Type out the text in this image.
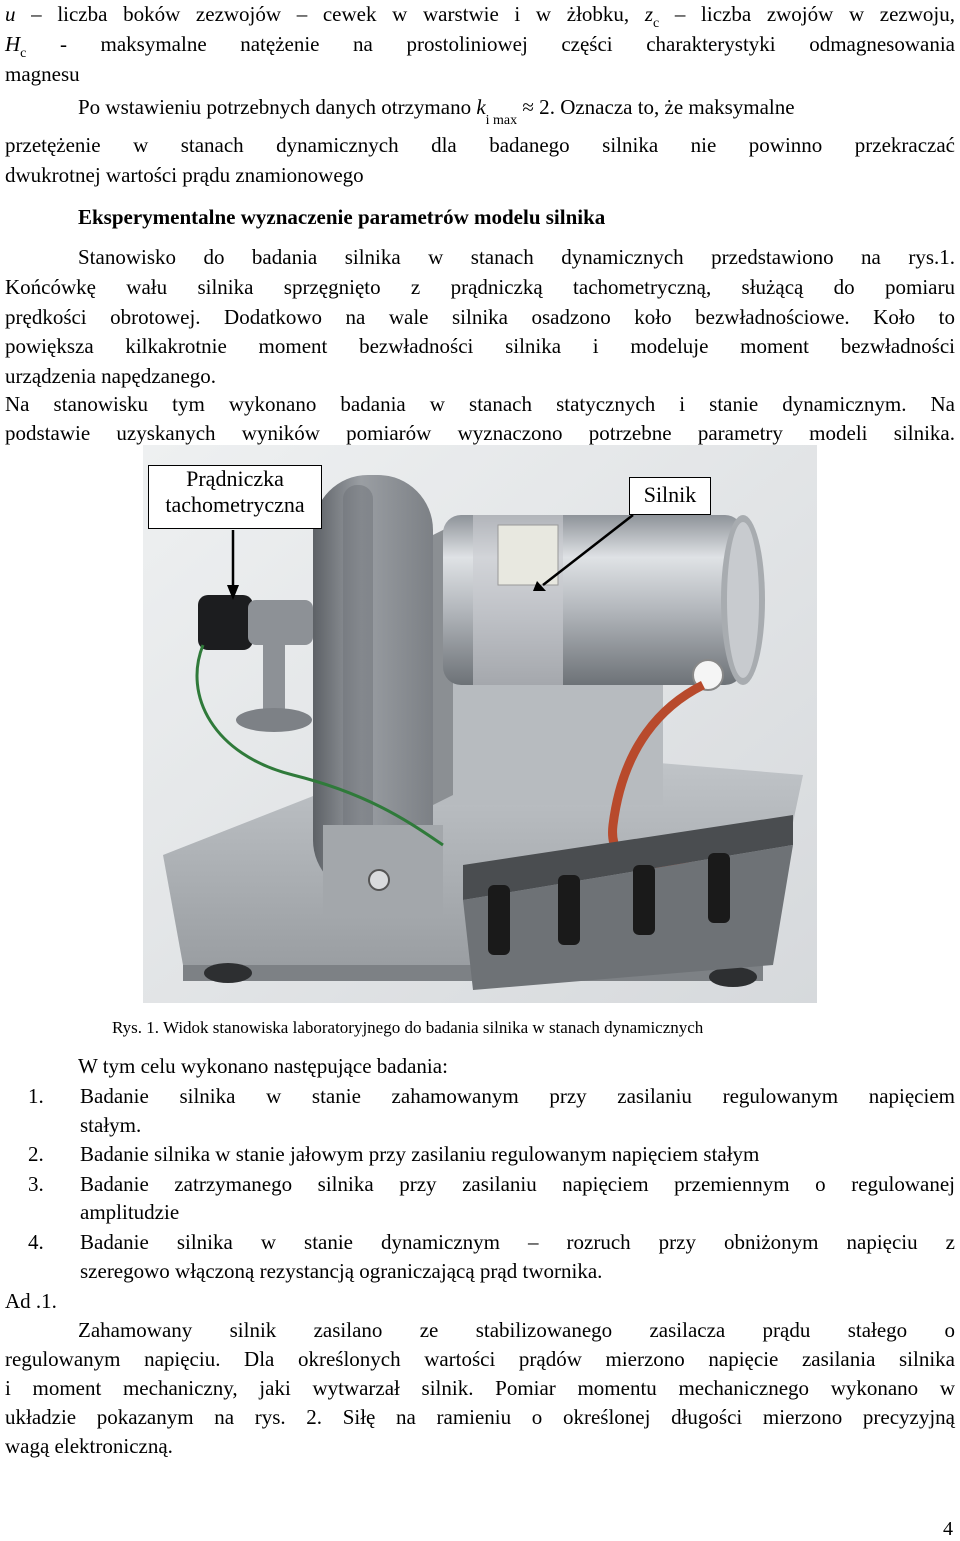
u – liczba boków zezwojów – cewek w warstwie i w żłobku, $z_c$ – liczba zwojów w zezwoju,
$H_c$ - maksymalne natężenie na prostoliniowej części charakterystyki odmagnesowania
magnesu
Po wstawieniu potrzebnych danych otrzymano $k_{i max} \approx 2$. Oznacza to, że maksymalne
przetężenie w stanach dynamicznych dla badanego silnika nie powinno przekraczać
dwukrotnej wartości prądu znamionowego
Eksperymentalne wyznaczenie parametrów modelu silnika
Stanowisko do badania silnika w stanach dynamicznych przedstawiono na rys.1.
Końcówkę wału silnika sprzęgnięto z prądniczką tachometryczną, służącą do pomiaru
prędkości obrotowej. Dodatkowo na wale silnika osadzono koło bezwładnościowe. Koło to
powiększa kilkakrotnie moment bezwładności silnika i modeluje moment bezwładności
urządzenia napędzanego.
Na stanowisku tym wykonano badania w stanach statycznych i stanie dynamicznym. Na
podstawie uzyskanych wyników pomiarów wyznaczono potrzebne parametry modeli silnika.
Prądniczka
tachometryczna	Silnik
Rys. 1. Widok stanowiska laboratoryjnego do badania silnika w stanach dynamicznych
W tym celu wykonano następujące badania:
1.	Badanie silnika w stanie zahamowanym przy zasilaniu regulowanym napięciem
stałym.
2.	Badanie silnika w stanie jałowym przy zasilaniu regulowanym napięciem stałym
3.	Badanie zatrzymanego silnika przy zasilaniu napięciem przemiennym o regulowanej
amplitudzie
4.	Badanie silnika w stanie dynamicznym – rozruch przy obniżonym napięciu z
szeregowo włączoną rezystancją ograniczającą prąd twornika.
Ad .1.
Zahamowany silnik zasilano ze stabilizowanego zasilacza prądu stałego o
regulowanym napięciu. Dla określonych wartości prądów mierzono napięcie zasilania silnika
i moment mechaniczny, jaki wytwarzał silnik. Pomiar momentu mechanicznego wykonano w
układzie pokazanym na rys. 2. Siłę na ramieniu o określonej długości mierzono precyzyjną
wagą elektroniczną.
4
